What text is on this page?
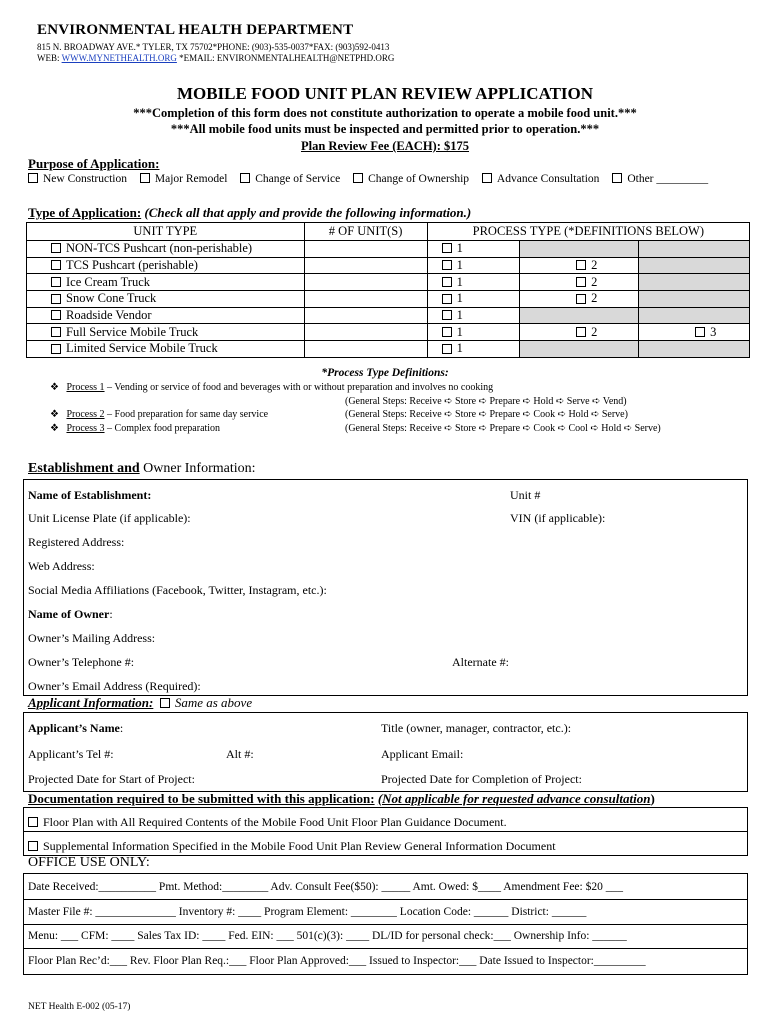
ENVIRONMENTAL HEALTH DEPARTMENT
815 N. BROADWAY AVE.* TYLER, TX 75702*PHONE: (903)-535-0037*FAX: (903)592-0413
WEB: WWW.MYNETHEALTH.ORG *EMAIL: ENVIRONMENTALHEALTH@NETPHD.ORG
MOBILE FOOD UNIT PLAN REVIEW APPLICATION
***Completion of this form does not constitute authorization to operate a mobile food unit.***
***All mobile food units must be inspected and permitted prior to operation.***
Plan Review Fee (EACH): $175
Purpose of Application:
New Construction Major Remodel Change of Service Change of Ownership Advance Consultation Other _________
Type of Application: (Check all that apply and provide the following information.)
UNIT TYPE	# OF UNIT(S)	PROCESS TYPE (*DEFINITIONS BELOW)		
NON-TCS Pushcart (non-perishable)		1		
TCS Pushcart (perishable)		1	2	
Ice Cream Truck		1	2	
Snow Cone Truck		1	2	
Roadside Vendor		1		
Full Service Mobile Truck		1	2	3
Limited Service Mobile Truck		1		
*Process Type Definitions:
❖ Process 1 – Vending or service of food and beverages with or without preparation and involves no cooking
(General Steps: Receive ➪ Store ➪ Prepare ➪ Hold ➪ Serve ➪ Vend)
❖ Process 2 – Food preparation for same day service	(General Steps: Receive ➪ Store ➪ Prepare ➪ Cook ➪ Hold ➪ Serve)
❖ Process 3 – Complex food preparation	(General Steps: Receive ➪ Store ➪ Prepare ➪ Cook ➪ Cool ➪ Hold ➪ Serve)
Establishment and Owner Information:
Name of Establishment:	Unit #
Unit License Plate (if applicable):	VIN (if applicable):
Registered Address:
Web Address:
Social Media Affiliations (Facebook, Twitter, Instagram, etc.):
Name of Owner:
Owner’s Mailing Address:
Owner’s Telephone #:	Alternate #:
Owner’s Email Address (Required):
Applicant Information: Same as above
Applicant’s Name:	Title (owner, manager, contractor, etc.):
Applicant’s Tel #:	Alt #:	Applicant Email:
Projected Date for Start of Project:	Projected Date for Completion of Project:
Documentation required to be submitted with this application: (Not applicable for requested advance consultation)
Floor Plan with All Required Contents of the Mobile Food Unit Floor Plan Guidance Document.
Supplemental Information Specified in the Mobile Food Unit Plan Review General Information Document
OFFICE USE ONLY:
Date Received:__________ Pmt. Method:________ Adv. Consult Fee($50): _____ Amt. Owed: $____ Amendment Fee: $20 ___
Master File #: ______________ Inventory #: ____ Program Element: ________ Location Code: ______ District: ______
Menu: ___ CFM: ____ Sales Tax ID: ____ Fed. EIN: ___ 501(c)(3): ____ DL/ID for personal check:___ Ownership Info: ______
Floor Plan Rec’d:___ Rev. Floor Plan Req.:___ Floor Plan Approved:___ Issued to Inspector:___ Date Issued to Inspector:_________
NET Health E-002 (05-17)
